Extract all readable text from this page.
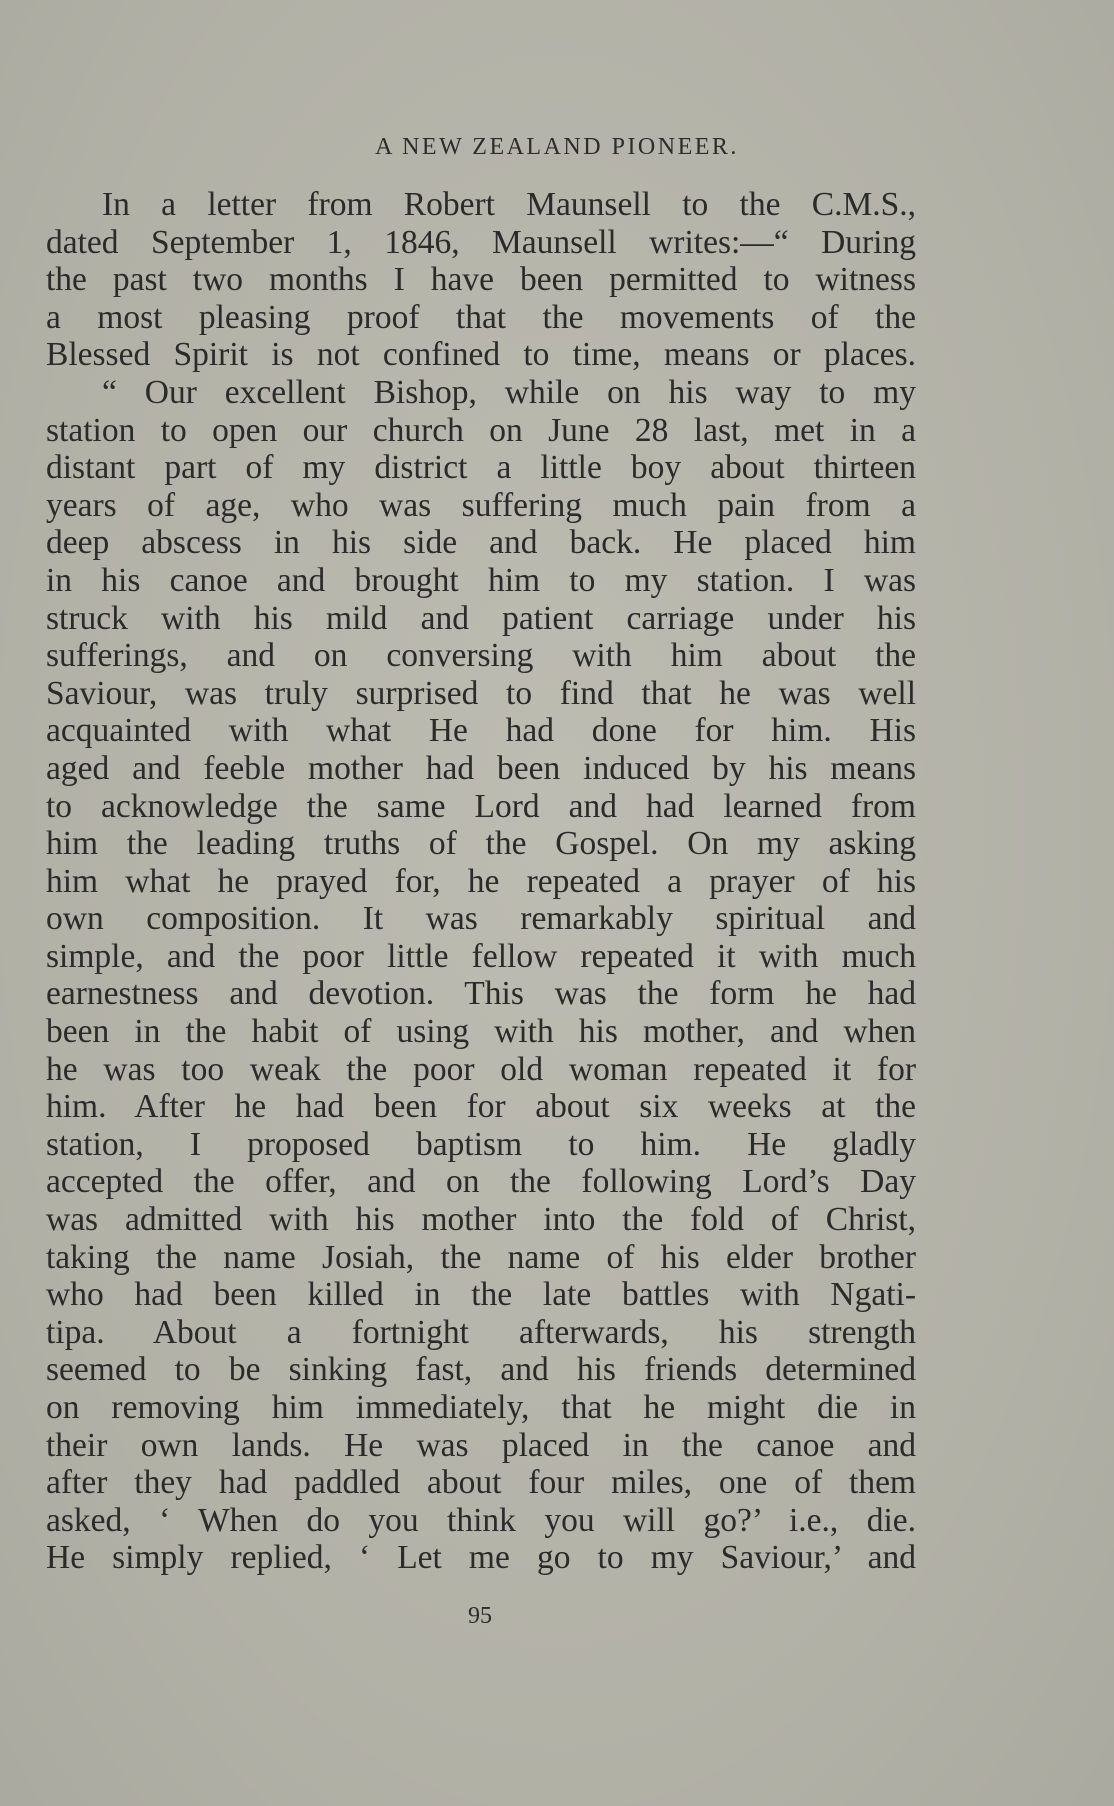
A NEW ZEALAND PIONEER.
In a letter from Robert Maunsell to the C.M.S.,
dated September 1, 1846, Maunsell writes:—“ During
the past two months I have been permitted to witness
a most pleasing proof that the movements of the
Blessed Spirit is not confined to time, means or places.
“ Our excellent Bishop, while on his way to my
station to open our church on June 28 last, met in a
distant part of my district a little boy about thirteen
years of age, who was suffering much pain from a
deep abscess in his side and back. He placed him
in his canoe and brought him to my station. I was
struck with his mild and patient carriage under his
sufferings, and on conversing with him about the
Saviour, was truly surprised to find that he was well
acquainted with what He had done for him. His
aged and feeble mother had been induced by his means
to acknowledge the same Lord and had learned from
him the leading truths of the Gospel. On my asking
him what he prayed for, he repeated a prayer of his
own composition. It was remarkably spiritual and
simple, and the poor little fellow repeated it with much
earnestness and devotion. This was the form he had
been in the habit of using with his mother, and when
he was too weak the poor old woman repeated it for
him. After he had been for about six weeks at the
station, I proposed baptism to him. He gladly
accepted the offer, and on the following Lord’s Day
was admitted with his mother into the fold of Christ,
taking the name Josiah, the name of his elder brother
who had been killed in the late battles with Ngati-
tipa. About a fortnight afterwards, his strength
seemed to be sinking fast, and his friends determined
on removing him immediately, that he might die in
their own lands. He was placed in the canoe and
after they had paddled about four miles, one of them
asked, ‘ When do you think you will go?’ i.e., die.
He simply replied, ‘ Let me go to my Saviour,’ and
95
